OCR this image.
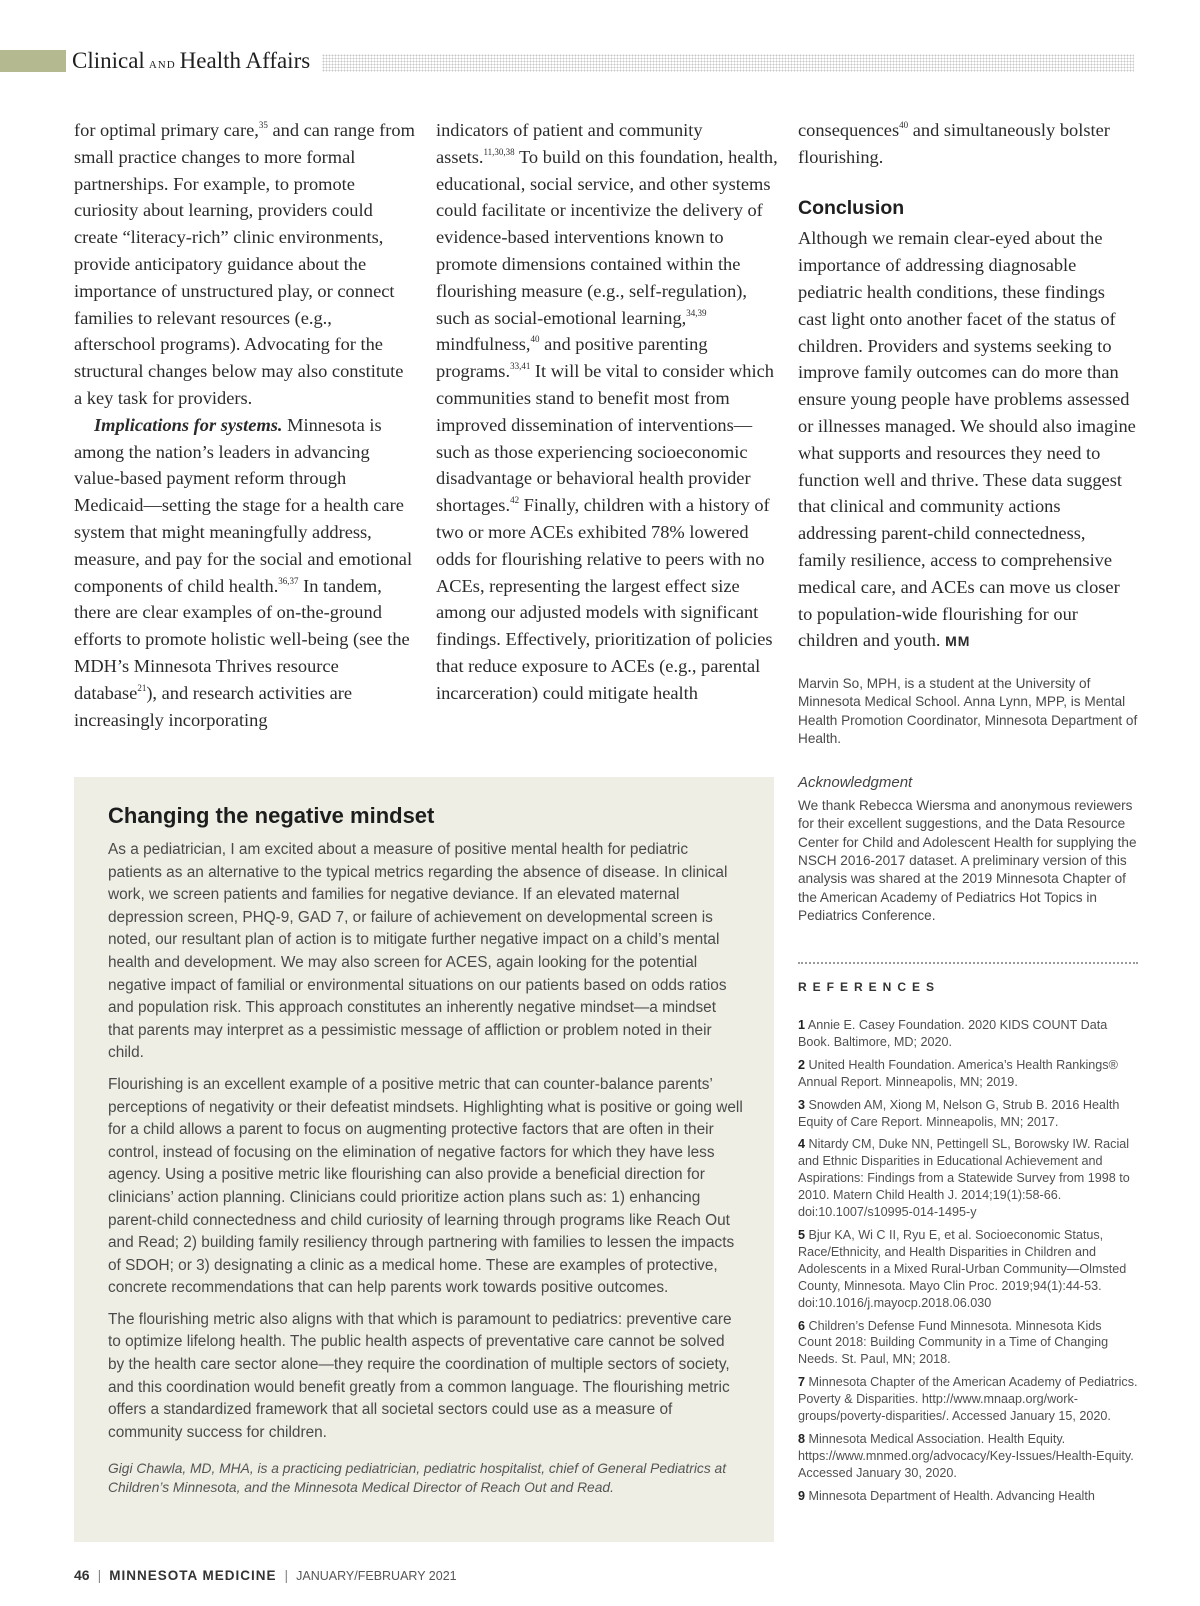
Clinical AND Health Affairs

for optimal primary care,$^{35}$ and can range from small practice changes to more formal partnerships. For example, to promote curiosity about learning, providers could create “literacy-rich” clinic environments, provide anticipatory guidance about the importance of unstructured play, or connect families to relevant resources (e.g., afterschool programs). Advocating for the structural changes below may also constitute a key task for providers.

Implications for systems. Minnesota is among the nation’s leaders in advancing value-based payment reform through Medicaid—setting the stage for a health care system that might meaningfully address, measure, and pay for the social and emotional components of child health.$^{36,37}$ In tandem, there are clear examples of on-the-ground efforts to promote holistic well-being (see the MDH’s Minnesota Thrives resource database$^{21}$), and research activities are increasingly incorporating

indicators of patient and community assets.$^{11,30,38}$ To build on this foundation, health, educational, social service, and other systems could facilitate or incentivize the delivery of evidence-based interventions known to promote dimensions contained within the flourishing measure (e.g., self-regulation), such as social-emotional learning,$^{34,39}$ mindfulness,$^{40}$ and positive parenting programs.$^{33,41}$ It will be vital to consider which communities stand to benefit most from improved dissemination of interventions—such as those experiencing socioeconomic disadvantage or behavioral health provider shortages.$^{42}$ Finally, children with a history of two or more ACEs exhibited 78% lowered odds for flourishing relative to peers with no ACEs, representing the largest effect size among our adjusted models with significant findings. Effectively, prioritization of policies that reduce exposure to ACEs (e.g., parental incarceration) could mitigate health

consequences$^{40}$ and simultaneously bolster flourishing.

Conclusion

Although we remain clear-eyed about the importance of addressing diagnosable pediatric health conditions, these findings cast light onto another facet of the status of children. Providers and systems seeking to improve family outcomes can do more than ensure young people have problems assessed or illnesses managed. We should also imagine what supports and resources they need to function well and thrive. These data suggest that clinical and community actions addressing parent-child connectedness, family resilience, access to comprehensive medical care, and ACEs can move us closer to population-wide flourishing for our children and youth. MM

Marvin So, MPH, is a student at the University of Minnesota Medical School. Anna Lynn, MPP, is Mental Health Promotion Coordinator, Minnesota Department of Health.
Acknowledgment
We thank Rebecca Wiersma and anonymous reviewers for their excellent suggestions, and the Data Resource Center for Child and Adolescent Health for supplying the NSCH 2016-2017 dataset. A preliminary version of this analysis was shared at the 2019 Minnesota Chapter of the American Academy of Pediatrics Hot Topics in Pediatrics Conference.
REFERENCES
1 Annie E. Casey Foundation. 2020 KIDS COUNT Data Book. Baltimore, MD; 2020.
2 United Health Foundation. America’s Health Rankings® Annual Report. Minneapolis, MN; 2019.
3 Snowden AM, Xiong M, Nelson G, Strub B. 2016 Health Equity of Care Report. Minneapolis, MN; 2017.
4 Nitardy CM, Duke NN, Pettingell SL, Borowsky IW. Racial and Ethnic Disparities in Educational Achievement and Aspirations: Findings from a Statewide Survey from 1998 to 2010. Matern Child Health J. 2014;19(1):58-66. doi:10.1007/s10995-014-1495-y
5 Bjur KA, Wi C II, Ryu E, et al. Socioeconomic Status, Race/Ethnicity, and Health Disparities in Children and Adolescents in a Mixed Rural-Urban Community—Olmsted County, Minnesota. Mayo Clin Proc. 2019;94(1):44-53. doi:10.1016/j.mayocp.2018.06.030
6 Children’s Defense Fund Minnesota. Minnesota Kids Count 2018: Building Community in a Time of Changing Needs. St. Paul, MN; 2018.
7 Minnesota Chapter of the American Academy of Pediatrics. Poverty & Disparities. http://www.mnaap.org/work-groups/poverty-disparities/. Accessed January 15, 2020.
8 Minnesota Medical Association. Health Equity. https://www.mnmed.org/advocacy/Key-Issues/Health-Equity. Accessed January 30, 2020.
9 Minnesota Department of Health. Advancing Health
Changing the negative mindset

As a pediatrician, I am excited about a measure of positive mental health for pediatric patients as an alternative to the typical metrics regarding the absence of disease. In clinical work, we screen patients and families for negative deviance. If an elevated maternal depression screen, PHQ-9, GAD 7, or failure of achievement on developmental screen is noted, our resultant plan of action is to mitigate further negative impact on a child’s mental health and development. We may also screen for ACES, again looking for the potential negative impact of familial or environmental situations on our patients based on odds ratios and population risk. This approach constitutes an inherently negative mindset—a mindset that parents may interpret as a pessimistic message of affliction or problem noted in their child.

Flourishing is an excellent example of a positive metric that can counter-balance parents’ perceptions of negativity or their defeatist mindsets. Highlighting what is positive or going well for a child allows a parent to focus on augmenting protective factors that are often in their control, instead of focusing on the elimination of negative factors for which they have less agency. Using a positive metric like flourishing can also provide a beneficial direction for clinicians’ action planning. Clinicians could prioritize action plans such as: 1) enhancing parent-child connectedness and child curiosity of learning through programs like Reach Out and Read; 2) building family resiliency through partnering with families to lessen the impacts of SDOH; or 3) designating a clinic as a medical home. These are examples of protective, concrete recommendations that can help parents work towards positive outcomes.

The flourishing metric also aligns with that which is paramount to pediatrics: preventive care to optimize lifelong health. The public health aspects of preventative care cannot be solved by the health care sector alone—they require the coordination of multiple sectors of society, and this coordination would benefit greatly from a common language. The flourishing metric offers a standardized framework that all societal sectors could use as a measure of community success for children.

Gigi Chawla, MD, MHA, is a practicing pediatrician, pediatric hospitalist, chief of General Pediatrics at Children’s Minnesota, and the Minnesota Medical Director of Reach Out and Read.

46 | MINNESOTA MEDICINE | JANUARY/FEBRUARY 2021
